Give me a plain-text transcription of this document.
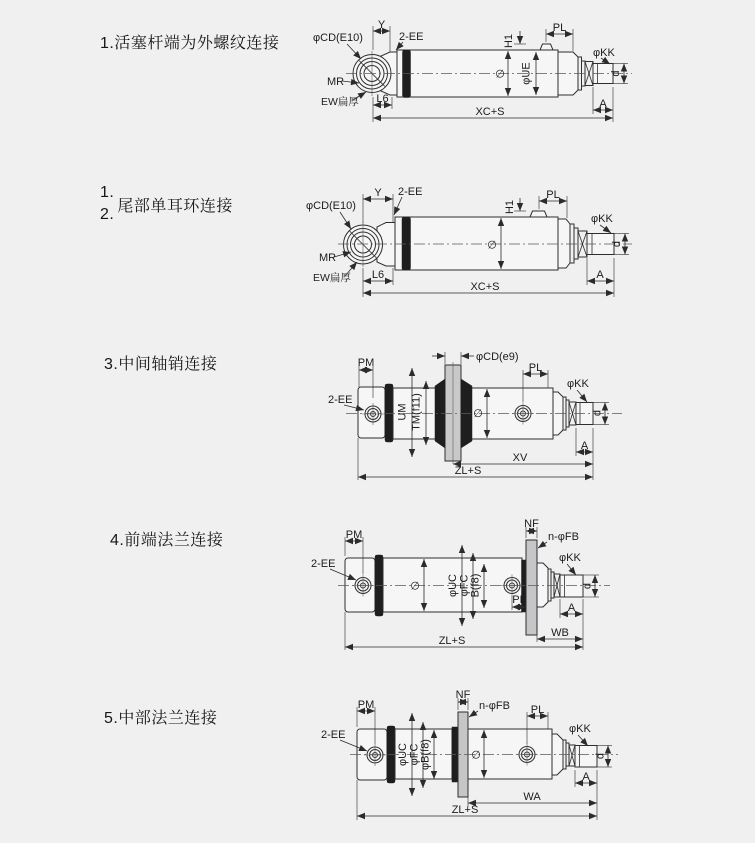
1.活塞杆端为外螺纹连接
1.
2. 尾部单耳环连接
3.中间轴销连接
4.前端法兰连接
5.中部法兰连接
Y
2-EE
φCD(E10)
MR
EW扁厚 L6
∅ φUE
H1
PL
φKK
d
A
XC+S
Y
φCD(E10)
2-EE
MR
EW扁厚 L6
∅
H1
PL
φKK
d
A
XC+S
PM
2-EE
φCD(e9)
UM TM(f11)	∅
PL
φKK
d
A
XV
ZL+S
PM
2-EE
∅ φUC φFC B(f8)
PL
NF
n-φFB
φKK
d
A
WB
ZL+S
PM
2-EE
φUC φFC φB(f8)
NF
n-φFB
∅
PL
φKK
d
A
WA
ZL+S
